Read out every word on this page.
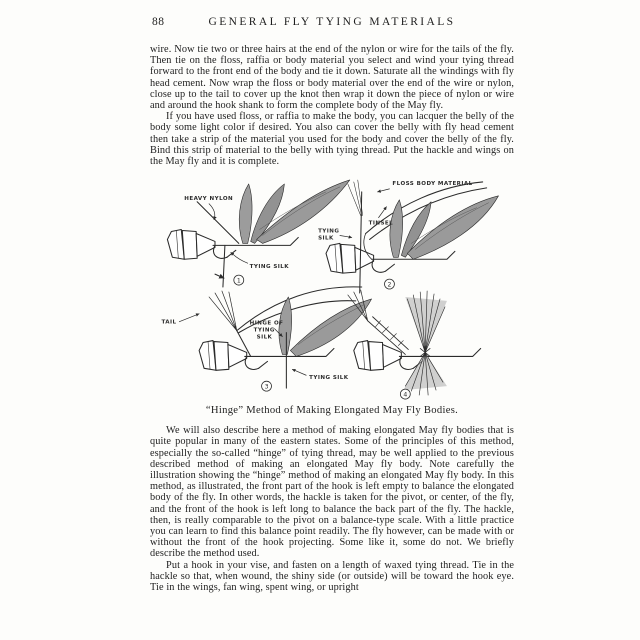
88	GENERAL FLY TYING MATERIALS

wire. Now tie two or three hairs at the end of the nylon or wire for the tails of the fly. Then tie on the floss, raffia or body material you select and wind your tying thread forward to the front end of the body and tie it down. Saturate all the windings with fly head cement. Now wrap the floss or body material over the end of the wire or nylon, close up to the tail to cover up the knot then wrap it down the piece of nylon or wire and around the hook shank to form the complete body of the May fly.

If you have used floss, or raffia to make the body, you can lacquer the belly of the body some light color if desired. You also can cover the belly with fly head cement then take a strip of the material you used for the body and cover the belly of the fly. Bind this strip of material to the belly with tying thread. Put the hackle and wings on the May fly and it is complete.

HEAVY NYLON
TYING SILK
1
FLOSS BODY MATERIAL
TINSEL
TYING
SILK
2
TAIL	HINGE OF
TYING
SILK
TYING SILK
3
4
“Hinge” Method of Making Elongated May Fly Bodies.

We will also describe here a method of making elongated May fly bodies that is quite popular in many of the eastern states. Some of the principles of this method, especially the so-called “hinge” of tying thread, may be well applied to the previous described method of making an elongated May fly body. Note carefully the illustration showing the “hinge” method of making an elongated May fly body. In this method, as illustrated, the front part of the hook is left empty to balance the elongated body of the fly. In other words, the hackle is taken for the pivot, or center, of the fly, and the front of the hook is left long to balance the back part of the fly. The hackle, then, is really comparable to the pivot on a balance-type scale. With a little practice you can learn to find this balance point readily. The fly however, can be made with or without the front of the hook projecting. Some like it, some do not. We briefly describe the method used.

Put a hook in your vise, and fasten on a length of waxed tying thread. Tie in the hackle so that, when wound, the shiny side (or outside) will be toward the hook eye. Tie in the wings, fan wing, spent wing, or upright
